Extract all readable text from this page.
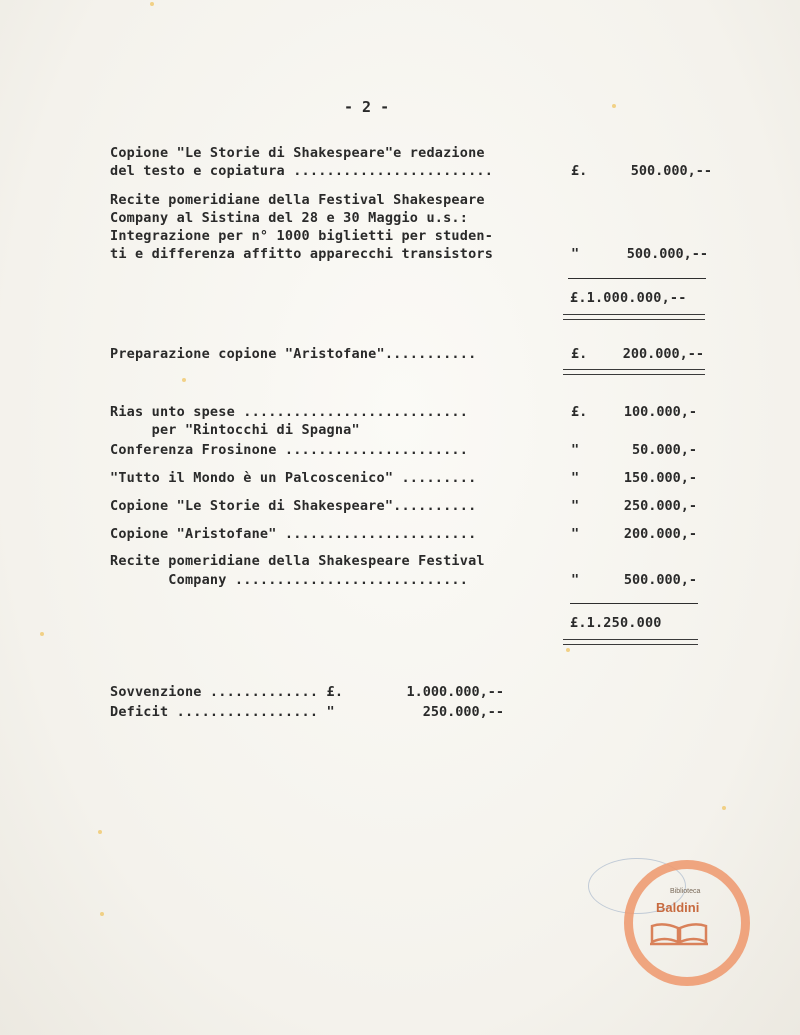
- 2 -
Copione "Le Storie di Shakespeare"e redazione
del testo e copiatura ........................	£.	500.000,--
Recite pomeridiane della Festival Shakespeare
Company al Sistina del 28 e 30 Maggio u.s.:
Integrazione per n° 1000 biglietti per studen-
ti e differenza affitto apparecchi transistors	"	500.000,--
£.1.000.000,--
Preparazione copione "Aristofane"...........	£.	200.000,--
Rias unto spese ...........................	£.	100.000,-
per "Rintocchi di Spagna"
Conferenza Frosinone ......................	"	50.000,-
"Tutto il Mondo è un Palcoscenico" .........	"	150.000,-
Copione "Le Storie di Shakespeare"..........	"	250.000,-
Copione "Aristofane" .......................	"	200.000,-
Recite pomeridiane della Shakespeare Festival
Company ............................	"	500.000,-
£.1.250.000
Sovvenzione ............. £.	1.000.000,--
Deficit ................. "	250.000,--
Biblioteca
Baldini
